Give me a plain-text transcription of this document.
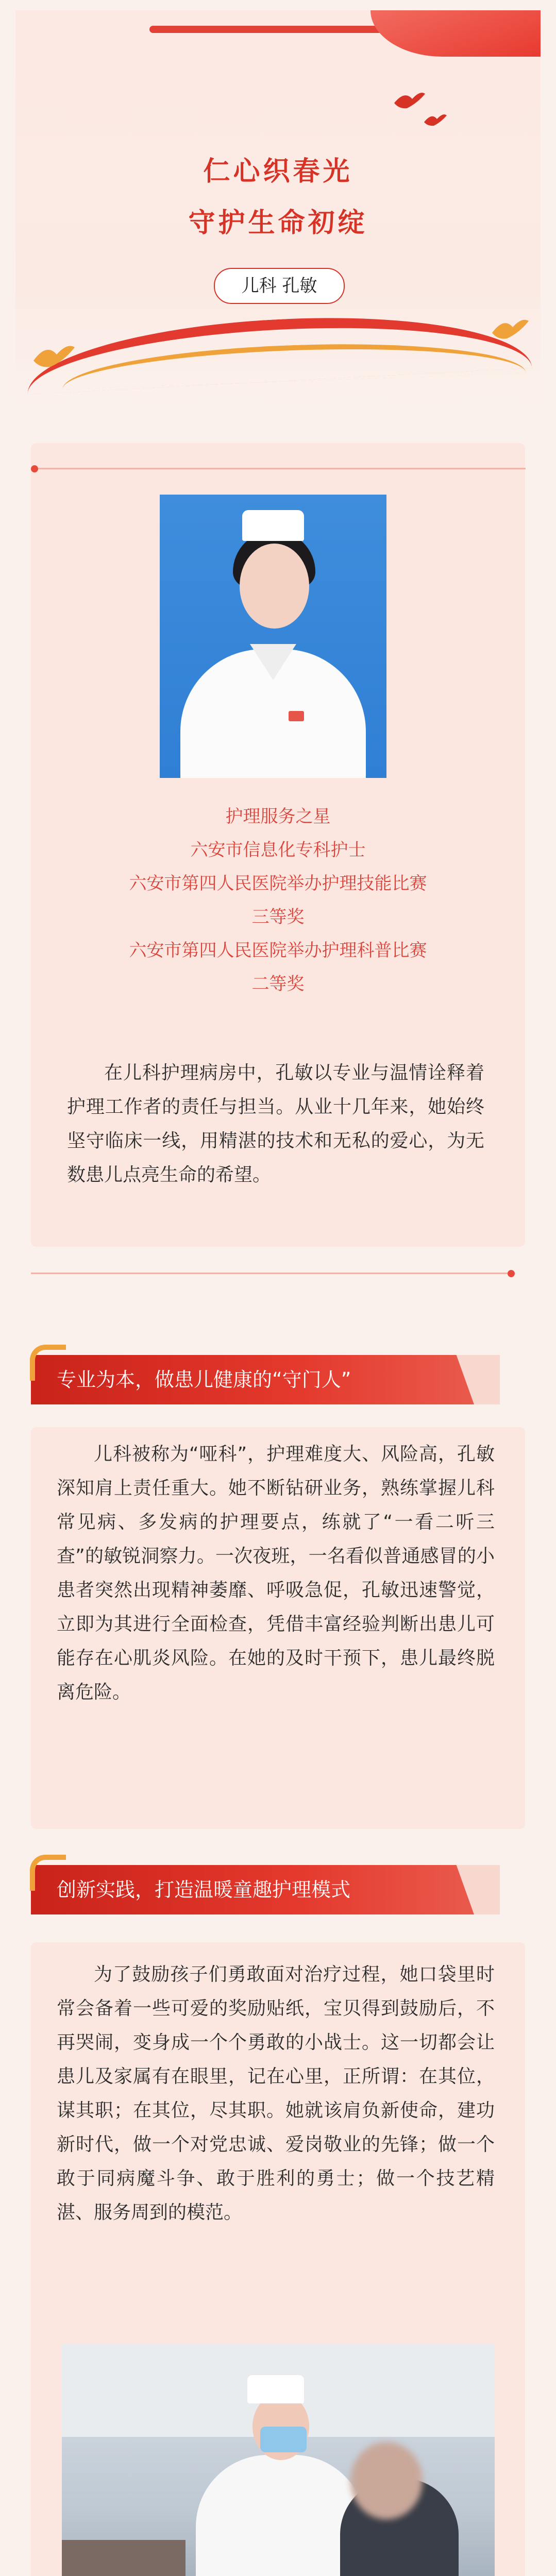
仁心织春光
守护生命初绽
儿科 孔敏
护理服务之星
六安市信息化专科护士
六安市第四人民医院举办护理技能比赛
三等奖
六安市第四人民医院举办护理科普比赛
二等奖

在儿科护理病房中，孔敏以专业与温情诠释着护理工作者的责任与担当。从业十几年来，她始终坚守临床一线，用精湛的技术和无私的爱心，为无数患儿点亮生命的希望。

专业为本，做患儿健康的“守门人”

儿科被称为“哑科”，护理难度大、风险高，孔敏深知肩上责任重大。她不断钻研业务，熟练掌握儿科常见病、多发病的护理要点，练就了“一看二听三查”的敏锐洞察力。一次夜班，一名看似普通感冒的小患者突然出现精神萎靡、呼吸急促，孔敏迅速警觉，立即为其进行全面检查，凭借丰富经验判断出患儿可能存在心肌炎风险。在她的及时干预下，患儿最终脱离危险。

创新实践，打造温暖童趣护理模式

为了鼓励孩子们勇敢面对治疗过程，她口袋里时常会备着一些可爱的奖励贴纸，宝贝得到鼓励后，不再哭闹，变身成一个个勇敢的小战士。这一切都会让患儿及家属有在眼里，记在心里，正所谓：在其位，谋其职；在其位，尽其职。她就该肩负新使命，建功新时代，做一个对党忠诚、爱岗敬业的先锋；做一个敢于同病魔斗争、敢于胜利的勇士；做一个技艺精湛、服务周到的模范。
